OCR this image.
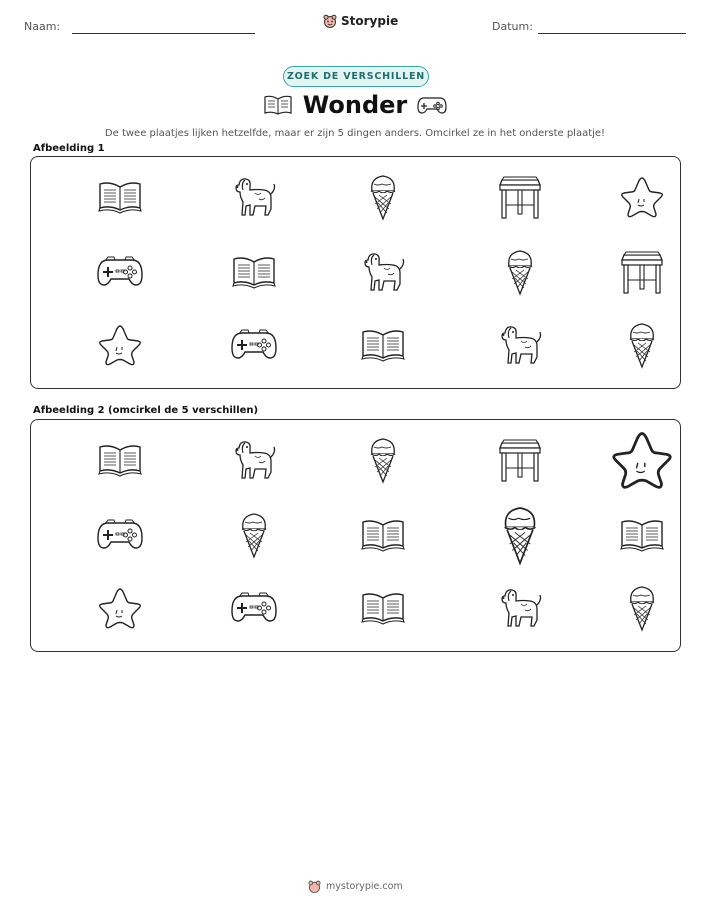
Naam:	Storypie	Datum:
ZOEK DE VERSCHILLEN
Wonder
De twee plaatjes lijken hetzelfde, maar er zijn 5 dingen anders. Omcirkel ze in het onderste plaatje!
Afbeelding 1
Afbeelding 2 (omcirkel de 5 verschillen)
mystorypie.com
